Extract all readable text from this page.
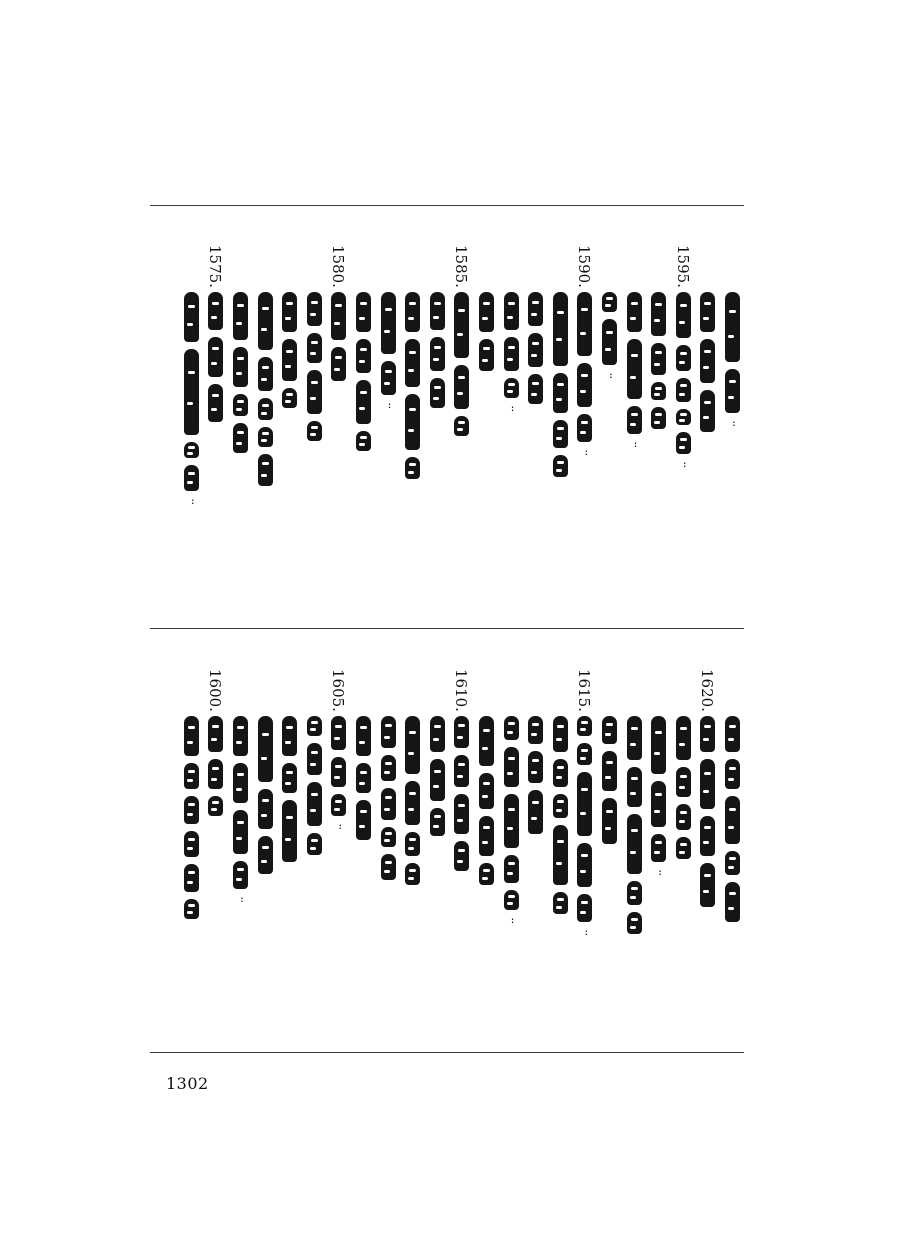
᠄
1595.
᠄
᠄
᠄
1590.
᠄
᠄
1585.
᠄
1580.
1575.
᠄
1620.
᠄
1615.
᠄
᠄
1610.
1605.
᠄
᠄
1600.
1302
